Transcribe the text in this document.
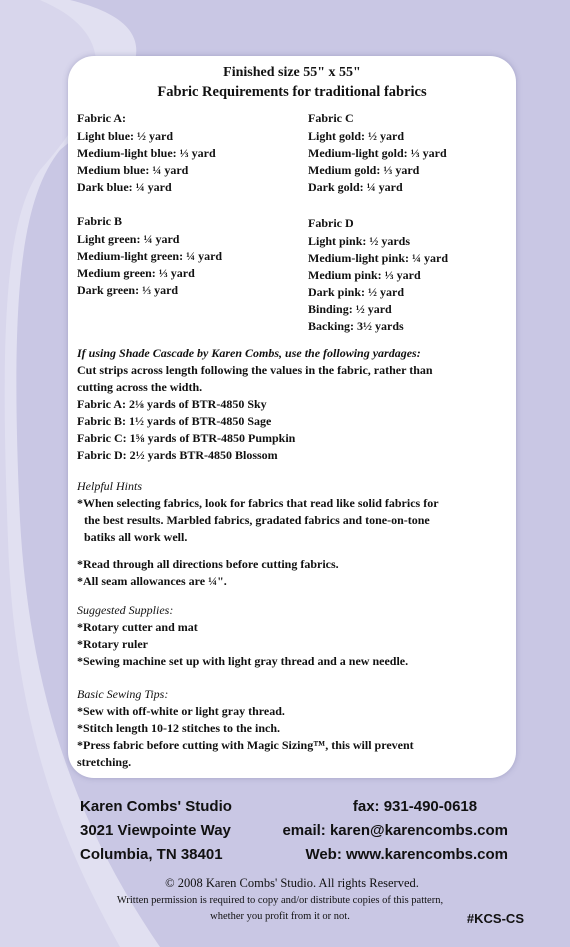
Finished size 55" x 55"
Fabric Requirements for traditional fabrics
Fabric A:
Light blue: ½ yard
Medium-light blue: ⅓ yard
Medium blue: ¼ yard
Dark blue: ¼ yard
Fabric B
Light green: ¼ yard
Medium-light green: ¼ yard
Medium green: ⅓ yard
Dark green: ⅓ yard
Fabric C
Light gold: ½ yard
Medium-light gold: ⅓ yard
Medium gold: ⅓ yard
Dark gold: ¼ yard
Fabric D
Light pink: ½ yards
Medium-light pink: ¼ yard
Medium pink: ⅓ yard
Dark pink: ½ yard
Binding: ½ yard
Backing: 3½ yards
If using Shade Cascade by Karen Combs, use the following yardages:
Cut strips across length following the values in the fabric, rather than
cutting across the width.
Fabric A: 2⅛ yards of BTR-4850 Sky
Fabric B: 1½ yards of BTR-4850 Sage
Fabric C: 1⅝ yards of BTR-4850 Pumpkin
Fabric D: 2½ yards BTR-4850 Blossom
Helpful Hints
*When selecting fabrics, look for fabrics that read like solid fabrics for
the best results. Marbled fabrics, gradated fabrics and tone-on-tone
batiks all work well.
*Read through all directions before cutting fabrics.
*All seam allowances are ¼".
Suggested Supplies:
*Rotary cutter and mat
*Rotary ruler
*Sewing machine set up with light gray thread and a new needle.
Basic Sewing Tips:
*Sew with off-white or light gray thread.
*Stitch length 10-12 stitches to the inch.
*Press fabric before cutting with Magic Sizing™, this will prevent
stretching.
Karen Combs' Studio
3021 Viewpointe Way
Columbia, TN 38401
fax: 931-490-0618
email: karen@karencombs.com
Web: www.karencombs.com
© 2008 Karen Combs' Studio. All rights Reserved.
Written permission is required to copy and/or distribute copies of this pattern,
whether you profit from it or not.	#KCS-CS
